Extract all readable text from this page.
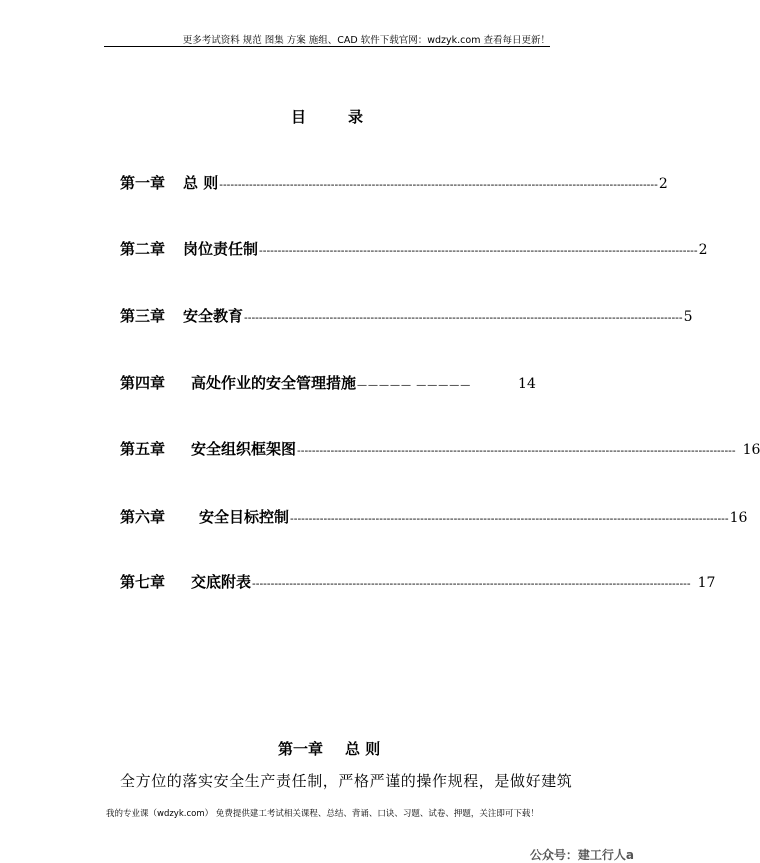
更多考试资料 规范 图集 方案 施组、CAD 软件下载官网：wdzyk.com 查看每日更新！
目录
第一章 总 则 ---------------------------------------------------------------------------------------------------------------------- 2
第二章 岗位责任制 ---------------------------------------------------------------------------------------------------------------------- 2
第三章 安全教育 ---------------------------------------------------------------------------------------------------------------------- 5
第四章 高处作业的安全管理措施 ————— —————	14
第五章 安全组织框架图 ---------------------------------------------------------------------------------------------------------------------- 16
第六章 安全目标控制 ---------------------------------------------------------------------------------------------------------------------- 16
第七章 交底附表 ---------------------------------------------------------------------------------------------------------------------- 17
第一章 总 则
全方位的落实安全生产责任制，严格严谨的操作规程，是做好建筑
我的专业课（wdzyk.com） 免费提供建工考试相关课程、总结、背诵、口诀、习题、试卷、押题，关注即可下载！
公众号：建工行人a
